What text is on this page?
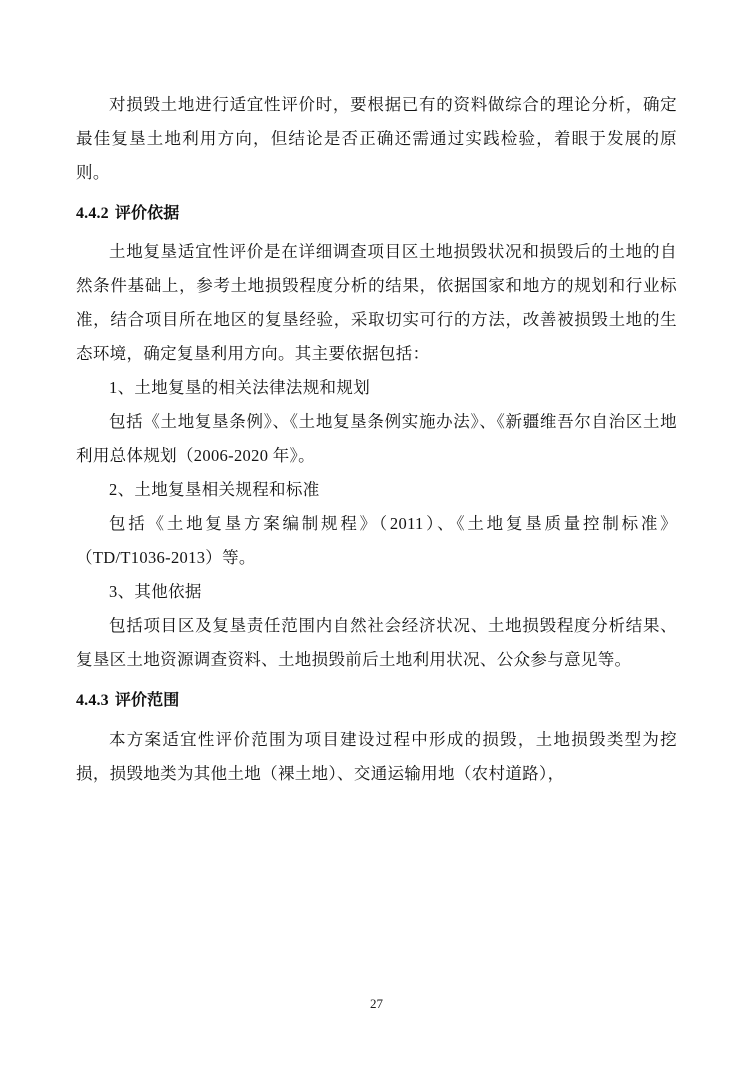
对损毁土地进行适宜性评价时，要根据已有的资料做综合的理论分析，确定最佳复垦土地利用方向，但结论是否正确还需通过实践检验，着眼于发展的原则。

4.4.2 评价依据

土地复垦适宜性评价是在详细调查项目区土地损毁状况和损毁后的土地的自然条件基础上，参考土地损毁程度分析的结果，依据国家和地方的规划和行业标准，结合项目所在地区的复垦经验，采取切实可行的方法，改善被损毁土地的生态环境，确定复垦利用方向。其主要依据包括：

1、土地复垦的相关法律法规和规划

包括《土地复垦条例》、《土地复垦条例实施办法》、《新疆维吾尔自治区土地利用总体规划（2006-2020 年》。

2、土地复垦相关规程和标准

包括《土地复垦方案编制规程》（2011）、《土地复垦质量控制标准》（TD/T1036-2013）等。

3、其他依据

包括项目区及复垦责任范围内自然社会经济状况、土地损毁程度分析结果、复垦区土地资源调查资料、土地损毁前后土地利用状况、公众参与意见等。

4.4.3 评价范围

本方案适宜性评价范围为项目建设过程中形成的损毁，土地损毁类型为挖损，损毁地类为其他土地（裸土地）、交通运输用地（农村道路），

27
